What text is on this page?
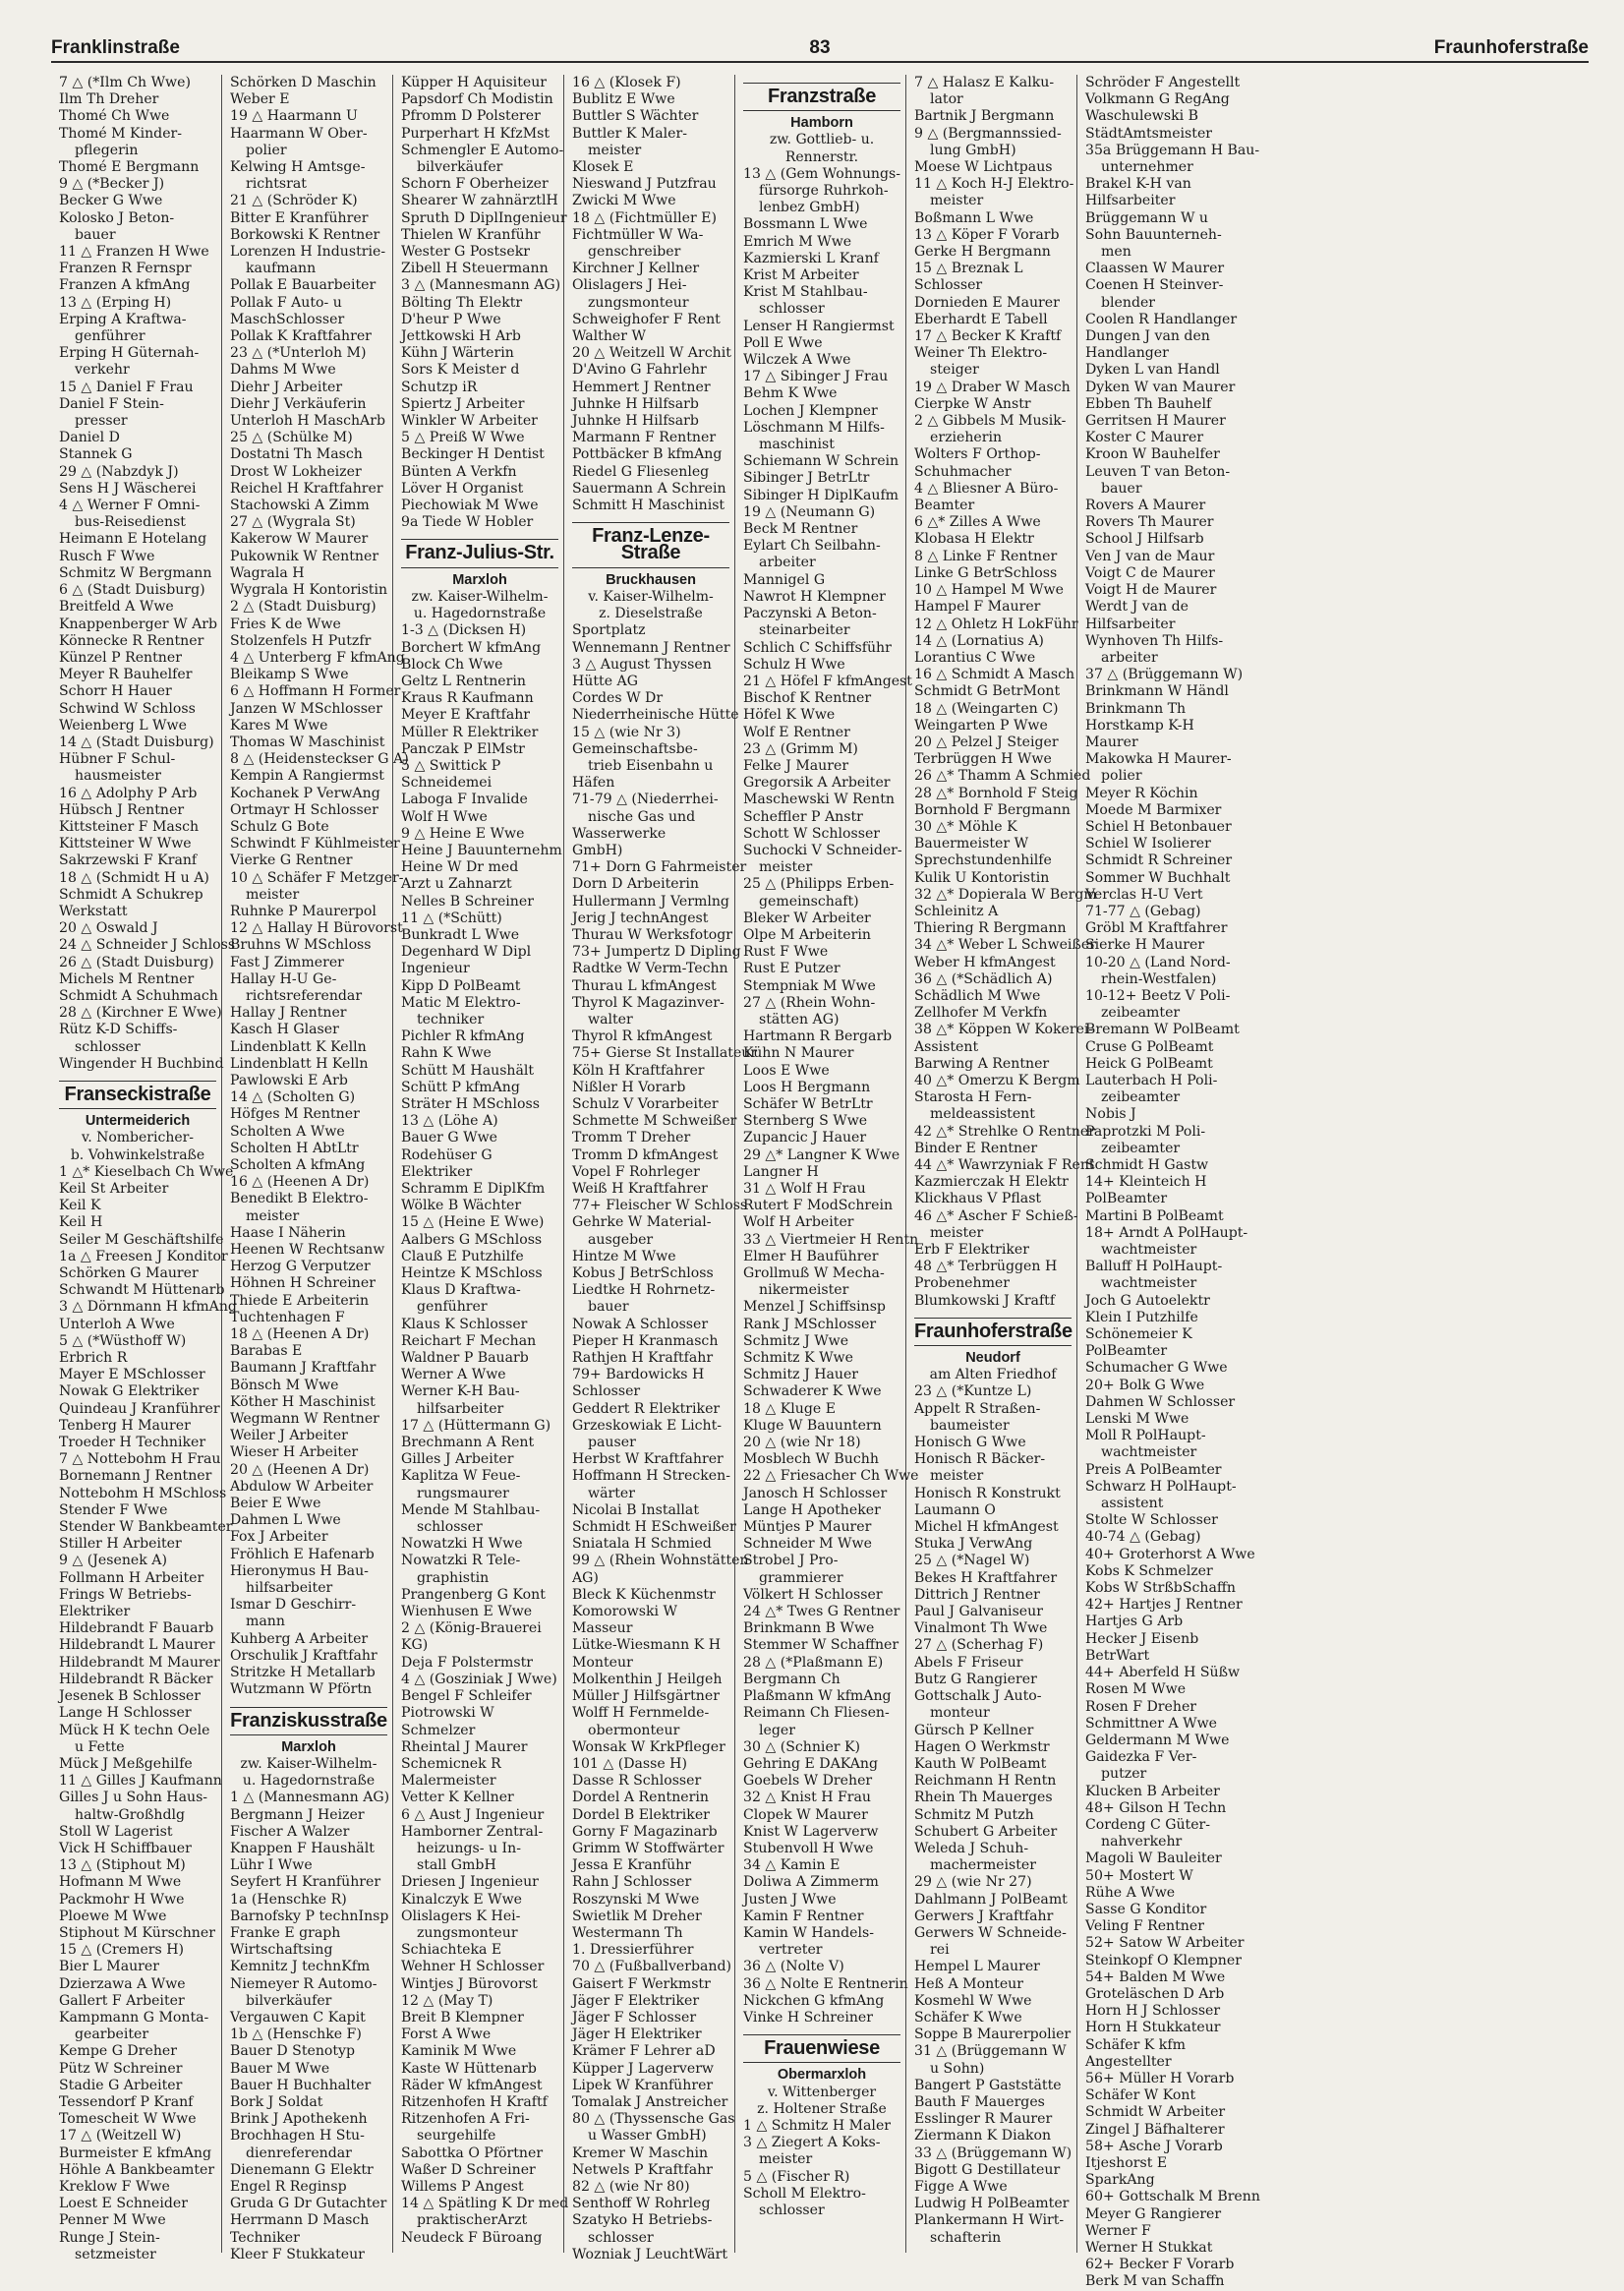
Franklinstraße	83	Fraunhoferstraße
7 △ (*Ilm Ch Wwe)
Ilm Th Dreher
Thomé Ch Wwe
Thomé M Kinder-
pflegerin
Thomé E Bergmann
9 △ (*Becker J)
Becker G Wwe
Kolosko J Beton-
bauer
11 △ Franzen H Wwe
Franzen R Fernspr
Franzen A kfmAng
13 △ (Erping H)
Erping A Kraftwa-
genführer
Erping H Güternah-
verkehr
15 △ Daniel F Frau
Daniel F Stein-
presser
Daniel D
Stannek G
29 △ (Nabzdyk J)
Sens H J Wäscherei
4 △ Werner F Omni-
bus-Reisedienst
Heimann E Hotelang
Rusch F Wwe
Schmitz W Bergmann
6 △ (Stadt Duisburg)
Breitfeld A Wwe
Knappenberger W Arb
Könnecke R Rentner
Künzel P Rentner
Meyer R Bauhelfer
Schorr H Hauer
Schwind W Schloss
Weienberg L Wwe
14 △ (Stadt Duisburg)
Hübner F Schul-
hausmeister
16 △ Adolphy P Arb
Hübsch J Rentner
Kittsteiner F Masch
Kittsteiner W Wwe
Sakrzewski F Kranf
18 △ (Schmidt H u A)
Schmidt A Schukrep
Werkstatt
20 △ Oswald J
24 △ Schneider J Schloss
26 △ (Stadt Duisburg)
Michels M Rentner
Schmidt A Schuhmach
28 △ (Kirchner E Wwe)
Rütz K-D Schiffs-
schlosser
Wingender H Buchbind
Franseckistraße
Untermeiderich
v. Nombericher-
b. Vohwinkelstraße
1 △* Kieselbach Ch Wwe
Keil St Arbeiter
Keil K
Keil H
Seiler M Geschäftshilfe
1a △ Freesen J Konditor
Schörken G Maurer
Schwandt M Hüttenarb
3 △ Dörnmann H kfmAng
Unterloh A Wwe
5 △ (*Wüsthoff W)
Erbrich R
Mayer E MSchlosser
Nowak G Elektriker
Quindeau J Kranführer
Tenberg H Maurer
Troeder H Techniker
7 △ Nottebohm H Frau
Bornemann J Rentner
Nottebohm H MSchloss
Stender F Wwe
Stender W Bankbeamter
Stiller H Arbeiter
9 △ (Jesenek A)
Follmann H Arbeiter
Frings W Betriebs-
Elektriker
Hildebrandt F Bauarb
Hildebrandt L Maurer
Hildebrandt M Maurer
Hildebrandt R Bäcker
Jesenek B Schlosser
Lange H Schlosser
Mück H K techn Oele
u Fette
Mück J Meßgehilfe
11 △ Gilles J Kaufmann
Gilles J u Sohn Haus-
haltw-Großhdlg
Stoll W Lagerist
Vick H Schiffbauer
13 △ (Stiphout M)
Hofmann M Wwe
Packmohr H Wwe
Ploewe M Wwe
Stiphout M Kürschner
15 △ (Cremers H)
Bier L Maurer
Dzierzawa A Wwe
Gallert F Arbeiter
Kampmann G Monta-
gearbeiter
Kempe G Dreher
Pütz W Schreiner
Stadie G Arbeiter
Tessendorf P Kranf
Tomescheit W Wwe
17 △ (Weitzell W)
Burmeister E kfmAng
Höhle A Bankbeamter
Kreklow F Wwe
Loest E Schneider
Penner M Wwe
Runge J Stein-
setzmeister
Schörken D Maschin
Weber E
19 △ Haarmann U
Haarmann W Ober-
polier
Kelwing H Amtsge-
richtsrat
21 △ (Schröder K)
Bitter E Kranführer
Borkowski K Rentner
Lorenzen H Industrie-
kaufmann
Pollak E Bauarbeiter
Pollak F Auto- u
MaschSchlosser
Pollak K Kraftfahrer
23 △ (*Unterloh M)
Dahms M Wwe
Diehr J Arbeiter
Diehr J Verkäuferin
Unterloh H MaschArb
25 △ (Schülke M)
Dostatni Th Masch
Drost W Lokheizer
Reichel H Kraftfahrer
Stachowski A Zimm
27 △ (Wygrala St)
Kakerow W Maurer
Pukownik W Rentner
Wagrala H
Wygrala H Kontoristin
2 △ (Stadt Duisburg)
Fries K de Wwe
Stolzenfels H Putzfr
4 △ Unterberg F kfmAng
Bleikamp S Wwe
6 △ Hoffmann H Former
Janzen W MSchlosser
Kares M Wwe
Thomas W Maschinist
8 △ (Heidensteckser G A)
Kempin A Rangiermst
Kochanek P VerwAng
Ortmayr H Schlosser
Schulz G Bote
Schwindt F Kühlmeister
Vierke G Rentner
10 △ Schäfer F Metzger-
meister
Ruhnke P Maurerpol
12 △ Hallay H Bürovorst
Bruhns W MSchloss
Fast J Zimmerer
Hallay H-U Ge-
richtsreferendar
Hallay J Rentner
Kasch H Glaser
Lindenblatt K Kelln
Lindenblatt H Kelln
Pawlowski E Arb
14 △ (Scholten G)
Höfges M Rentner
Scholten A Wwe
Scholten H AbtLtr
Scholten A kfmAng
16 △ (Heenen A Dr)
Benedikt B Elektro-
meister
Haase I Näherin
Heenen W Rechtsanw
Herzog G Verputzer
Höhnen H Schreiner
Thiede E Arbeiterin
Tuchtenhagen F
18 △ (Heenen A Dr)
Barabas E
Baumann J Kraftfahr
Bönsch M Wwe
Köther H Maschinist
Wegmann W Rentner
Weiler J Arbeiter
Wieser H Arbeiter
20 △ (Heenen A Dr)
Abdulow W Arbeiter
Beier E Wwe
Dahmen L Wwe
Fox J Arbeiter
Fröhlich E Hafenarb
Hieronymus H Bau-
hilfsarbeiter
Ismar D Geschirr-
mann
Kuhberg A Arbeiter
Orschulik J Kraftfahr
Stritzke H Metallarb
Wutzmann W Pförtn
Franziskusstraße
Marxloh
zw. Kaiser-Wilhelm-
u. Hagedornstraße
1 △ (Mannesmann AG)
Bergmann J Heizer
Fischer A Walzer
Knappen F Haushält
Lühr I Wwe
Seyfert H Kranführer
1a (Henschke R)
Barnofsky P technInsp
Franke E graph
Wirtschaftsing
Kemnitz J technKfm
Niemeyer R Automo-
bilverkäufer
Vergauwen C Kapit
1b △ (Henschke F)
Bauer D Stenotyp
Bauer M Wwe
Bauer H Buchhalter
Bork J Soldat
Brink J Apothekenh
Brochhagen H Stu-
dienreferendar
Dienemann G Elektr
Engel R Reginsp
Gruda G Dr Gutachter
Herrmann D Masch
Techniker
Kleer F Stukkateur
Küpper H Aquisiteur
Papsdorf Ch Modistin
Pfromm D Polsterer
Purperhart H KfzMst
Schmengler E Automo-
bilverkäufer
Schorn F Oberheizer
Shearer W zahnärztlH
Spruth D DiplIngenieur
Thielen W Kranführ
Wester G Postsekr
Zibell H Steuermann
3 △ (Mannesmann AG)
Bölting Th Elektr
D'heur P Wwe
Jettkowski H Arb
Kühn J Wärterin
Sors K Meister d
Schutzp iR
Spiertz J Arbeiter
Winkler W Arbeiter
5 △ Preiß W Wwe
Beckinger H Dentist
Bünten A Verkfn
Löver H Organist
Piechowiak M Wwe
9a Tiede W Hobler
Franz-Julius-Str.
Marxloh
zw. Kaiser-Wilhelm-
u. Hagedornstraße
1-3 △ (Dicksen H)
Borchert W kfmAng
Block Ch Wwe
Geltz L Rentnerin
Kraus R Kaufmann
Meyer E Kraftfahr
Müller R Elektriker
Panczak P ElMstr
5 △ Swittick P
Schneidemei
Laboga F Invalide
Wolf H Wwe
9 △ Heine E Wwe
Heine J Bauunternehm
Heine W Dr med
Arzt u Zahnarzt
Nelles B Schreiner
11 △ (*Schütt)
Bunkradt L Wwe
Degenhard W Dipl
Ingenieur
Kipp D PolBeamt
Matic M Elektro-
techniker
Pichler R kfmAng
Rahn K Wwe
Schütt M Haushält
Schütt P kfmAng
Sträter H MSchloss
13 △ (Löhe A)
Bauer G Wwe
Rodehüser G
Elektriker
Schramm E DiplKfm
Wölke B Wächter
15 △ (Heine E Wwe)
Aalbers G MSchloss
Clauß E Putzhilfe
Heintze K MSchloss
Klaus D Kraftwa-
genführer
Klaus K Schlosser
Reichart F Mechan
Waldner P Bauarb
Werner A Wwe
Werner K-H Bau-
hilfsarbeiter
17 △ (Hüttermann G)
Brechmann A Rent
Gilles J Arbeiter
Kaplitza W Feue-
rungsmaurer
Mende M Stahlbau-
schlosser
Nowatzki H Wwe
Nowatzki R Tele-
graphistin
Prangenberg G Kont
Wienhusen E Wwe
2 △ (König-Brauerei
KG)
Deja F Polstermstr
4 △ (Gosziniak J Wwe)
Bengel F Schleifer
Piotrowski W
Schmelzer
Rheintal J Maurer
Schemicnek R
Malermeister
Vetter K Kellner
6 △ Aust J Ingenieur
Hamborner Zentral-
heizungs- u In-
stall GmbH
Driesen J Ingenieur
Kinalczyk E Wwe
Olislagers K Hei-
zungsmonteur
Schiachteka E
Wehner H Schlosser
Wintjes J Bürovorst
12 △ (May T)
Breit B Klempner
Forst A Wwe
Kaminik M Wwe
Kaste W Hüttenarb
Räder W kfmAngest
Ritzenhofen H Kraftf
Ritzenhofen A Fri-
seurgehilfe
Sabottka O Pförtner
Waßer D Schreiner
Willems P Angest
14 △ Spätling K Dr med
praktischerArzt
Neudeck F Büroang
16 △ (Klosek F)
Bublitz E Wwe
Buttler S Wächter
Buttler K Maler-
meister
Klosek E
Nieswand J Putzfrau
Zwicki M Wwe
18 △ (Fichtmüller E)
Fichtmüller W Wa-
genschreiber
Kirchner J Kellner
Olislagers J Hei-
zungsmonteur
Schweighofer F Rent
Walther W
20 △ Weitzell W Archit
D'Avino G Fahrlehr
Hemmert J Rentner
Juhnke H Hilfsarb
Juhnke H Hilfsarb
Marmann F Rentner
Pottbäcker B kfmAng
Riedel G Fliesenleg
Sauermann A Schrein
Schmitt H Maschinist
Franz-Lenze-Straße
Bruckhausen
v. Kaiser-Wilhelm-
z. Dieselstraße
Sportplatz
Wennemann J Rentner
3 △ August Thyssen
Hütte AG
Cordes W Dr
Niederrheinische Hütte
15 △ (wie Nr 3)
Gemeinschaftsbe-
trieb Eisenbahn u
Häfen
71-79 △ (Niederrhei-
nische Gas und
Wasserwerke
GmbH)
71+ Dorn G Fahrmeister
Dorn D Arbeiterin
Hullermann J Vermlng
Jerig J technAngest
Thurau W Werksfotogr
73+ Jumpertz D Dipling
Radtke W Verm-Techn
Thurau L kfmAngest
Thyrol K Magazinver-
walter
Thyrol R kfmAngest
75+ Gierse St Installateur
Köln H Kraftfahrer
Nißler H Vorarb
Schulz V Vorarbeiter
Schmette M Schweißer
Tromm T Dreher
Tromm D kfmAngest
Vopel F Rohrleger
Weiß H Kraftfahrer
77+ Fleischer W Schloss
Gehrke W Material-
ausgeber
Hintze M Wwe
Kobus J BetrSchloss
Liedtke H Rohrnetz-
bauer
Nowak A Schlosser
Pieper H Kranmasch
Rathjen H Kraftfahr
79+ Bardowicks H
Schlosser
Geddert R Elektriker
Grzeskowiak E Licht-
pauser
Herbst W Kraftfahrer
Hoffmann H Strecken-
wärter
Nicolai B Installat
Schmidt H ESchweißer
Sniatala H Schmied
99 △ (Rhein Wohnstätten
AG)
Bleck K Küchenmstr
Komorowski W
Masseur
Lütke-Wiesmann K H
Monteur
Molkenthin J Heilgeh
Müller J Hilfsgärtner
Wolff H Fernmelde-
obermonteur
Wonsak W KrkPfleger
101 △ (Dasse H)
Dasse R Schlosser
Dordel A Rentnerin
Dordel B Elektriker
Gorny F Magazinarb
Grimm W Stoffwärter
Jessa E Kranführ
Rahn J Schlosser
Roszynski M Wwe
Swietlik M Dreher
Westermann Th
1. Dressierführer
70 △ (Fußballverband)
Gaisert F Werkmstr
Jäger F Elektriker
Jäger F Schlosser
Jäger H Elektriker
Krämer F Lehrer aD
Küpper J Lagerverw
Lipek W Kranführer
Tomalak J Anstreicher
80 △ (Thyssensche Gas
u Wasser GmbH)
Kremer W Maschin
Netwels P Kraftfahr
82 △ (wie Nr 80)
Senthoff W Rohrleg
Szatyko H Betriebs-
schlosser
Wozniak J LeuchtWärt
Franzstraße
Hamborn
zw. Gottlieb- u. Rennerstr.
13 △ (Gem Wohnungs-
fürsorge Ruhrkoh-
lenbez GmbH)
Bossmann L Wwe
Emrich M Wwe
Kazmierski L Kranf
Krist M Arbeiter
Krist M Stahlbau-
schlosser
Lenser H Rangiermst
Poll E Wwe
Wilczek A Wwe
17 △ Sibinger J Frau
Behm K Wwe
Lochen J Klempner
Löschmann M Hilfs-
maschinist
Schiemann W Schrein
Sibinger J BetrLtr
Sibinger H DiplKaufm
19 △ (Neumann G)
Beck M Rentner
Eylart Ch Seilbahn-
arbeiter
Mannigel G
Nawrot H Klempner
Paczynski A Beton-
steinarbeiter
Schlich C Schiffsführ
Schulz H Wwe
21 △ Höfel F kfmAngest
Bischof K Rentner
Höfel K Wwe
Wolf E Rentner
23 △ (Grimm M)
Felke J Maurer
Gregorsik A Arbeiter
Maschewski W Rentn
Scheffler P Anstr
Schott W Schlosser
Suchocki V Schneider-
meister
25 △ (Philipps Erben-
gemeinschaft)
Bleker W Arbeiter
Olpe M Arbeiterin
Rust F Wwe
Rust E Putzer
Stempniak M Wwe
27 △ (Rhein Wohn-
stätten AG)
Hartmann R Bergarb
Kühn N Maurer
Loos E Wwe
Loos H Bergmann
Schäfer W BetrLtr
Sternberg S Wwe
Zupancic J Hauer
29 △* Langner K Wwe
Langner H
31 △ Wolf H Frau
Rutert F ModSchrein
Wolf H Arbeiter
33 △ Viertmeier H Rentn
Elmer H Bauführer
Grollmuß W Mecha-
nikermeister
Menzel J Schiffsinsp
Rank J MSchlosser
Schmitz J Wwe
Schmitz K Wwe
Schmitz J Hauer
Schwaderer K Wwe
18 △ Kluge E
Kluge W Bauuntern
20 △ (wie Nr 18)
Mosblech W Buchh
22 △ Friesacher Ch Wwe
Janosch H Schlosser
Lange H Apotheker
Müntjes P Maurer
Schneider M Wwe
Strobel J Pro-
grammierer
Völkert H Schlosser
24 △* Twes G Rentner
Brinkmann B Wwe
Stemmer W Schaffner
28 △ (*Plaßmann E)
Bergmann Ch
Plaßmann W kfmAng
Reimann Ch Fliesen-
leger
30 △ (Schnier K)
Gehring E DAKAng
Goebels W Dreher
32 △ Knist H Frau
Clopek W Maurer
Knist W Lagerverw
Stubenvoll H Wwe
34 △ Kamin E
Doliwa A Zimmerm
Justen J Wwe
Kamin F Rentner
Kamin W Handels-
vertreter
36 △ (Nolte V)
36 △ Nolte E Rentnerin
Nickchen G kfmAng
Vinke H Schreiner
Frauenwiese
Obermarxloh
v. Wittenberger
z. Holtener Straße
1 △ Schmitz H Maler
3 △ Ziegert A Koks-
meister
5 △ (Fischer R)
Scholl M Elektro-
schlosser
7 △ Halasz E Kalku-
lator
Bartnik J Bergmann
9 △ (Bergmannssied-
lung GmbH)
Moese W Lichtpaus
11 △ Koch H-J Elektro-
meister
Boßmann L Wwe
13 △ Köper F Vorarb
Gerke H Bergmann
15 △ Breznak L
Schlosser
Dornieden E Maurer
Eberhardt E Tabell
17 △ Becker K Kraftf
Weiner Th Elektro-
steiger
19 △ Draber W Masch
Cierpke W Anstr
2 △ Gibbels M Musik-
erzieherin
Wolters F Orthop-
Schuhmacher
4 △ Bliesner A Büro-
Beamter
6 △* Zilles A Wwe
Klobasa H Elektr
8 △ Linke F Rentner
Linke G BetrSchloss
10 △ Hampel M Wwe
Hampel F Maurer
12 △ Ohletz H LokFühr
14 △ (Lornatius A)
Lorantius C Wwe
16 △ Schmidt A Masch
Schmidt G BetrMont
18 △ (Weingarten C)
Weingarten P Wwe
20 △ Pelzel J Steiger
Terbrüggen H Wwe
26 △* Thamm A Schmied
28 △* Bornhold F Steig
Bornhold F Bergmann
30 △* Möhle K
Bauermeister W
Sprechstundenhilfe
Kulik U Kontoristin
32 △* Dopierala W Bergm
Schleinitz A
Thiering R Bergmann
34 △* Weber L Schweißer
Weber H kfmAngest
36 △ (*Schädlich A)
Schädlich M Wwe
Zellhofer M Verkfn
38 △* Köppen W Kokerei-
Assistent
Barwing A Rentner
40 △* Omerzu K Bergm
Starosta H Fern-
meldeassistent
42 △* Strehlke O Rentner
Binder E Rentner
44 △* Wawrzyniak F Rent
Kazmierczak H Elektr
Klickhaus V Pflast
46 △* Ascher F Schieß-
meister
Erb F Elektriker
48 △* Terbrüggen H
Probenehmer
Blumkowski J Kraftf
Fraunhoferstraße
Neudorf
am Alten Friedhof
23 △ (*Kuntze L)
Appelt R Straßen-
baumeister
Honisch G Wwe
Honisch R Bäcker-
meister
Honisch R Konstrukt
Laumann O
Michel H kfmAngest
Stuka J VerwAng
25 △ (*Nagel W)
Bekes H Kraftfahrer
Dittrich J Rentner
Paul J Galvaniseur
Vinalmont Th Wwe
27 △ (Scherhag F)
Abels F Friseur
Butz G Rangierer
Gottschalk J Auto-
monteur
Gürsch P Kellner
Hagen O Werkmstr
Kauth W PolBeamt
Reichmann H Rentn
Rhein Th Mauerges
Schmitz M Putzh
Schubert G Arbeiter
Weleda J Schuh-
machermeister
29 △ (wie Nr 27)
Dahlmann J PolBeamt
Gerwers J Kraftfahr
Gerwers W Schneide-
rei
Hempel L Maurer
Heß A Monteur
Kosmehl W Wwe
Schäfer K Wwe
Soppe B Maurerpolier
31 △ (Brüggemann W
u Sohn)
Bangert P Gaststätte
Bauth F Mauerges
Esslinger R Maurer
Ziermann K Diakon
33 △ (Brüggemann W)
Bigott G Destillateur
Figge A Wwe
Ludwig H PolBeamter
Plankermann H Wirt-
schafterin
Schröder F Angestellt
Volkmann G RegAng
Waschulewski B
StädtAmtsmeister
35a Brüggemann H Bau-
unternehmer
Brakel K-H van
Hilfsarbeiter
Brüggemann W u
Sohn Bauunterneh-
men
Claassen W Maurer
Coenen H Steinver-
blender
Coolen R Handlanger
Dungen J van den
Handlanger
Dyken L van Handl
Dyken W van Maurer
Ebben Th Bauhelf
Gerritsen H Maurer
Koster C Maurer
Kroon W Bauhelfer
Leuven T van Beton-
bauer
Rovers A Maurer
Rovers Th Maurer
School J Hilfsarb
Ven J van de Maur
Voigt C de Maurer
Voigt H de Maurer
Werdt J van de
Hilfsarbeiter
Wynhoven Th Hilfs-
arbeiter
37 △ (Brüggemann W)
Brinkmann W Händl
Brinkmann Th
Horstkamp K-H
Maurer
Makowka H Maurer-
polier
Meyer R Köchin
Moede M Barmixer
Schiel H Betonbauer
Schiel W Isolierer
Schmidt R Schreiner
Sommer W Buchhalt
Verclas H-U Vert
71-77 △ (Gebag)
Gröbl M Kraftfahrer
Sierke H Maurer
10-20 △ (Land Nord-
rhein-Westfalen)
10-12+ Beetz V Poli-
zeibeamter
Bremann W PolBeamt
Cruse G PolBeamt
Heick G PolBeamt
Lauterbach H Poli-
zeibeamter
Nobis J
Paprotzki M Poli-
zeibeamter
Schmidt H Gastw
14+ Kleinteich H
PolBeamter
Martini B PolBeamt
18+ Arndt A PolHaupt-
wachtmeister
Balluff H PolHaupt-
wachtmeister
Joch G Autoelektr
Klein I Putzhilfe
Schönemeier K
PolBeamter
Schumacher G Wwe
20+ Bolk G Wwe
Dahmen W Schlosser
Lenski M Wwe
Moll R PolHaupt-
wachtmeister
Preis A PolBeamter
Schwarz H PolHaupt-
assistent
Stolte W Schlosser
40-74 △ (Gebag)
40+ Groterhorst A Wwe
Kobs K Schmelzer
Kobs W StrßbSchaffn
42+ Hartjes J Rentner
Hartjes G Arb
Hecker J Eisenb
BetrWart
44+ Aberfeld H Süßw
Rosen M Wwe
Rosen F Dreher
Schmittner A Wwe
Geldermann M Wwe
Gaidezka F Ver-
putzer
Klucken B Arbeiter
48+ Gilson H Techn
Cordeng C Güter-
nahverkehr
Magoli W Bauleiter
50+ Mostert W
Rühe A Wwe
Sasse G Konditor
Veling F Rentner
52+ Satow W Arbeiter
Steinkopf O Klempner
54+ Balden M Wwe
Groteläschen D Arb
Horn H J Schlosser
Horn H Stukkateur
Schäfer K kfm
Angestellter
56+ Müller H Vorarb
Schäfer W Kont
Schmidt W Arbeiter
Zingel J Bäfhalterer
58+ Asche J Vorarb
Itjeshorst E
SparkAng
60+ Gottschalk M Brenn
Meyer G Rangierer
Werner F
Werner H Stukkat
62+ Becker F Vorarb
Berk M van Schaffn
